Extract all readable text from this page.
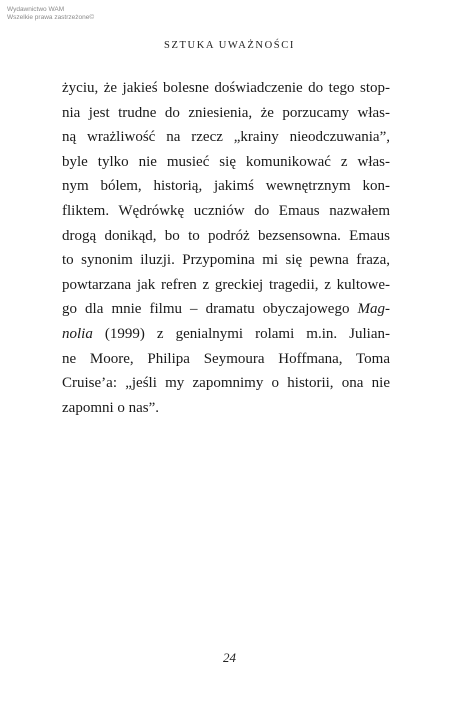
Wydawnictwo WAM
Wszelkie prawa zastrzeżone©
SZTUKA UWAŻNOŚCI
życiu, że jakieś bolesne doświadczenie do tego stop-
nia jest trudne do zniesienia, że porzucamy włas-
ną wrażliwość na rzecz „krainy nieodczuwania”,
byle tylko nie musieć się komunikować z włas-
nym bólem, historią, jakimś wewnętrznym kon-
fliktem. Wędrówkę uczniów do Emaus nazwałem
drogą donikąd, bo to podróż bezsensowna. Emaus
to synonim iluzji. Przypomina mi się pewna fraza,
powtarzana jak refren z greckiej tragedii, z kultowe-
go dla mnie filmu – dramatu obyczajowego Mag-
nolia (1999) z genialnymi rolami m.in. Julian-
ne Moore, Philipa Seymoura Hoffmana, Toma
Cruise’a: „jeśli my zapomnimy o historii, ona nie
zapomni o nas”.
24
